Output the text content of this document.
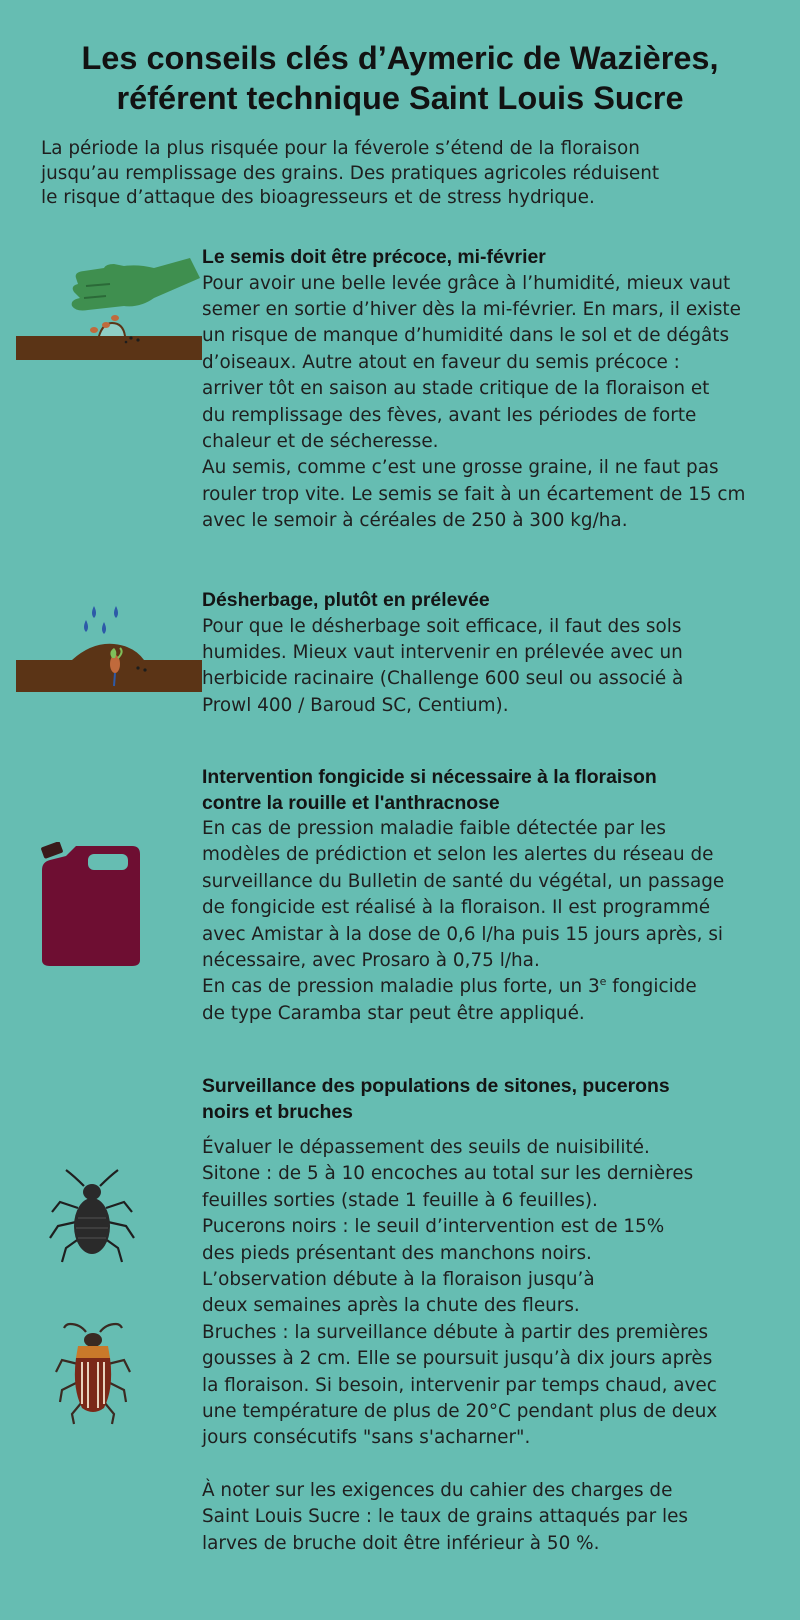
Les conseils clés d’Aymeric de Wazières,
référent technique Saint Louis Sucre
La période la plus risquée pour la féverole s’étend de la floraison
jusqu’au remplissage des grains. Des pratiques agricoles réduisent
le risque d’attaque des bioagresseurs et de stress hydrique.
Le semis doit être précoce, mi-février
Pour avoir une belle levée grâce à l’humidité, mieux vaut
semer en sortie d’hiver dès la mi-février. En mars, il existe
un risque de manque d’humidité dans le sol et de dégâts
d’oiseaux. Autre atout en faveur du semis précoce :
arriver tôt en saison au stade critique de la floraison et
du remplissage des fèves, avant les périodes de forte
chaleur et de sécheresse.
Au semis, comme c’est une grosse graine, il ne faut pas
rouler trop vite. Le semis se fait à un écartement de 15 cm
avec le semoir à céréales de 250 à 300 kg/ha.
Désherbage, plutôt en prélevée
Pour que le désherbage soit efficace, il faut des sols
humides. Mieux vaut intervenir en prélevée avec un
herbicide racinaire (Challenge 600 seul ou associé à
Prowl 400 / Baroud SC, Centium).
Intervention fongicide si nécessaire à la floraison
contre la rouille et l'anthracnose
En cas de pression maladie faible détectée par les
modèles de prédiction et selon les alertes du réseau de
surveillance du Bulletin de santé du végétal, un passage
de fongicide est réalisé à la floraison. Il est programmé
avec Amistar à la dose de 0,6 l/ha puis 15 jours après, si
nécessaire, avec Prosaro à 0,75 l/ha.
En cas de pression maladie plus forte, un 3e fongicide
de type Caramba star peut être appliqué.
Surveillance des populations de sitones, pucerons
noirs et bruches
Évaluer le dépassement des seuils de nuisibilité.
Sitone : de 5 à 10 encoches au total sur les dernières
feuilles sorties (stade 1 feuille à 6 feuilles).
Pucerons noirs : le seuil d’intervention est de 15%
des pieds présentant des manchons noirs.
L’observation débute à la floraison jusqu’à
deux semaines après la chute des fleurs.
Bruches : la surveillance débute à partir des premières
gousses à 2 cm. Elle se poursuit jusqu’à dix jours après
la floraison. Si besoin, intervenir par temps chaud, avec
une température de plus de 20°C pendant plus de deux
jours consécutifs "sans s'acharner".
À noter sur les exigences du cahier des charges de
Saint Louis Sucre : le taux de grains attaqués par les
larves de bruche doit être inférieur à 50 %.
